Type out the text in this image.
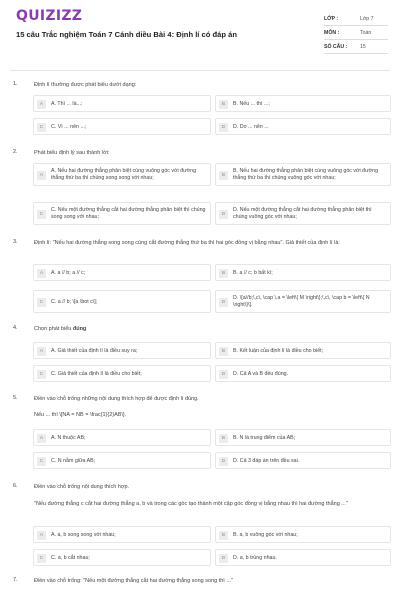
QUIZIZZ
15 câu Trắc nghiệm Toán 7 Cánh diều Bài 4: Định lí có đáp án
LỚP :	Lớp 7
MÔN :	Toán
SỐ CÂU : 15
1.	Định lí thường được phát biểu dưới dạng:
A	A. Thì ... là...;	B	B. Nếu ... thì ...;
C	C. Vì ... nên ...;	D	D. Do ... nên ...
2.	Phát biểu định lý sau thành lời:
A
A. Nếu hai đường thẳng phân biệt cùng vuông góc với đường thẳng thứ ba thì chúng song song với nhau;	B
B. Nếu hai đường thẳng phân biệt cùng vuông góc với đường thẳng thứ ba thì chúng vuông góc với nhau;
C
C. Nếu một đường thẳng cắt hai đường thẳng phân biệt thì chúng song song với nhau;	D
D. Nếu một đường thẳng cắt hai đường thẳng phân biệt thì chúng vuông góc với nhau;
3.	Định lí: "Nếu hai đường thẳng song song cùng cắt đường thẳng thứ ba thì hai góc đồng vị bằng nhau". Giả thiết của định lí là:
A	A. a // b; a // c;	B	B. a // c; b bất kì;
C	C. a // b; \[a \bot c\];	D
D. \[a//b;\,c\, \cap \,a = \left\{ M \right\};\,c\, \cap b = \left\{ N \right\}\].
4.	Chọn phát biểu đúng
A	A. Giả thiết của định lí là điều suy ra;	B	B. Kết luận của định lí là điều cho biết;
C	C. Giả thiết của định lí là điều cho biết;	D	D. Cả A và B đều đúng.
5.	Điền vào chỗ trống những nội dung thích hợp để được định lí đúng.
Nếu ... thì \[NA = NB = \frac{1}{2}AB\].
A	A. N thuộc AB;	B	B. N là trung điểm của AB;
C	C. N nằm giữa AB;	D	D. Cả 3 đáp án trên đều sai.
6.	Điền vào chỗ trống nội dung thích hợp.
"Nếu đường thẳng c cắt hai đường thẳng a, b và trong các góc tạo thành một cặp góc đồng vị bằng nhau thì hai đường thẳng ..."
A	A. a, b song song với nhau;	B	B. a, b vuông góc với nhau;
C	C. a, b cắt nhau;	D	D. a, b trùng nhau.
7.	Điền vào chỗ trống: "Nếu một đường thẳng cắt hai đường thẳng song song thì ..."
